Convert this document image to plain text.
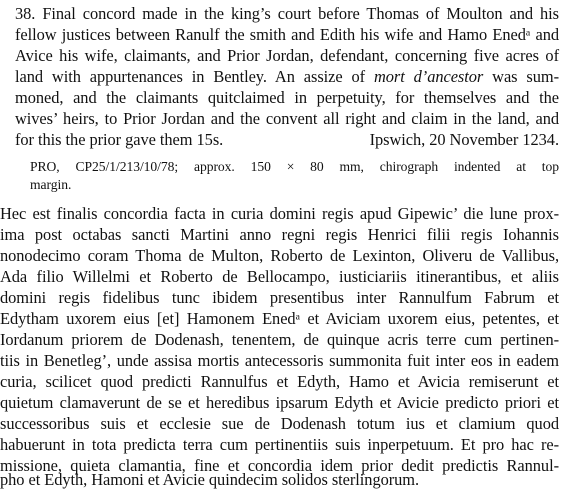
38. Final concord made in the king’s court before Thomas of Moulton and his
fellow justices between Ranulf the smith and Edith his wife and Hamo Enedᵃ and
Avice his wife, claimants, and Prior Jordan, defendant, concerning five acres of
land with appurtenances in Bentley. An assize of mort d’ancestor was sum-
moned, and the claimants quitclaimed in perpetuity, for themselves and the
wives’ heirs, to Prior Jordan and the convent all right and claim in the land, and
for this the prior gave them 15s.	Ipswich, 20 November 1234.
PRO, CP25/1/213/10/78; approx. 150 × 80 mm, chirograph indented at top
margin.
Hec est finalis concordia facta in curia domini regis apud Gipewic’ die lune prox-
ima post octabas sancti Martini anno regni regis Henrici filii regis Iohannis
nonodecimo coram Thoma de Multon, Roberto de Lexinton, Oliveru de Vallibus,
Ada filio Willelmi et Roberto de Bellocampo, iusticiariis itinerantibus, et aliis
domini regis fidelibus tunc ibidem presentibus inter Rannulfum Fabrum et
Edytham uxorem eius [et] Hamonem Enedᵃ et Aviciam uxorem eius, petentes, et
Iordanum priorem de Dodenash, tenentem, de quinque acris terre cum pertinen-
tiis in Benetleg’, unde assisa mortis antecessoris summonita fuit inter eos in eadem
curia, scilicet quod predicti Rannulfus et Edyth, Hamo et Avicia remiserunt et
quietum clamaverunt de se et heredibus ipsarum Edyth et Avicie predicto priori et
successoribus suis et ecclesie sue de Dodenash totum ius et clamium quod
habuerunt in tota predicta terra cum pertinentiis suis inperpetuum. Et pro hac re-
missione, quieta clamantia, fine et concordia idem prior dedit predictis Rannul-
pho et Edyth, Hamoni et Avicie quindecim solidos sterlingorum.
